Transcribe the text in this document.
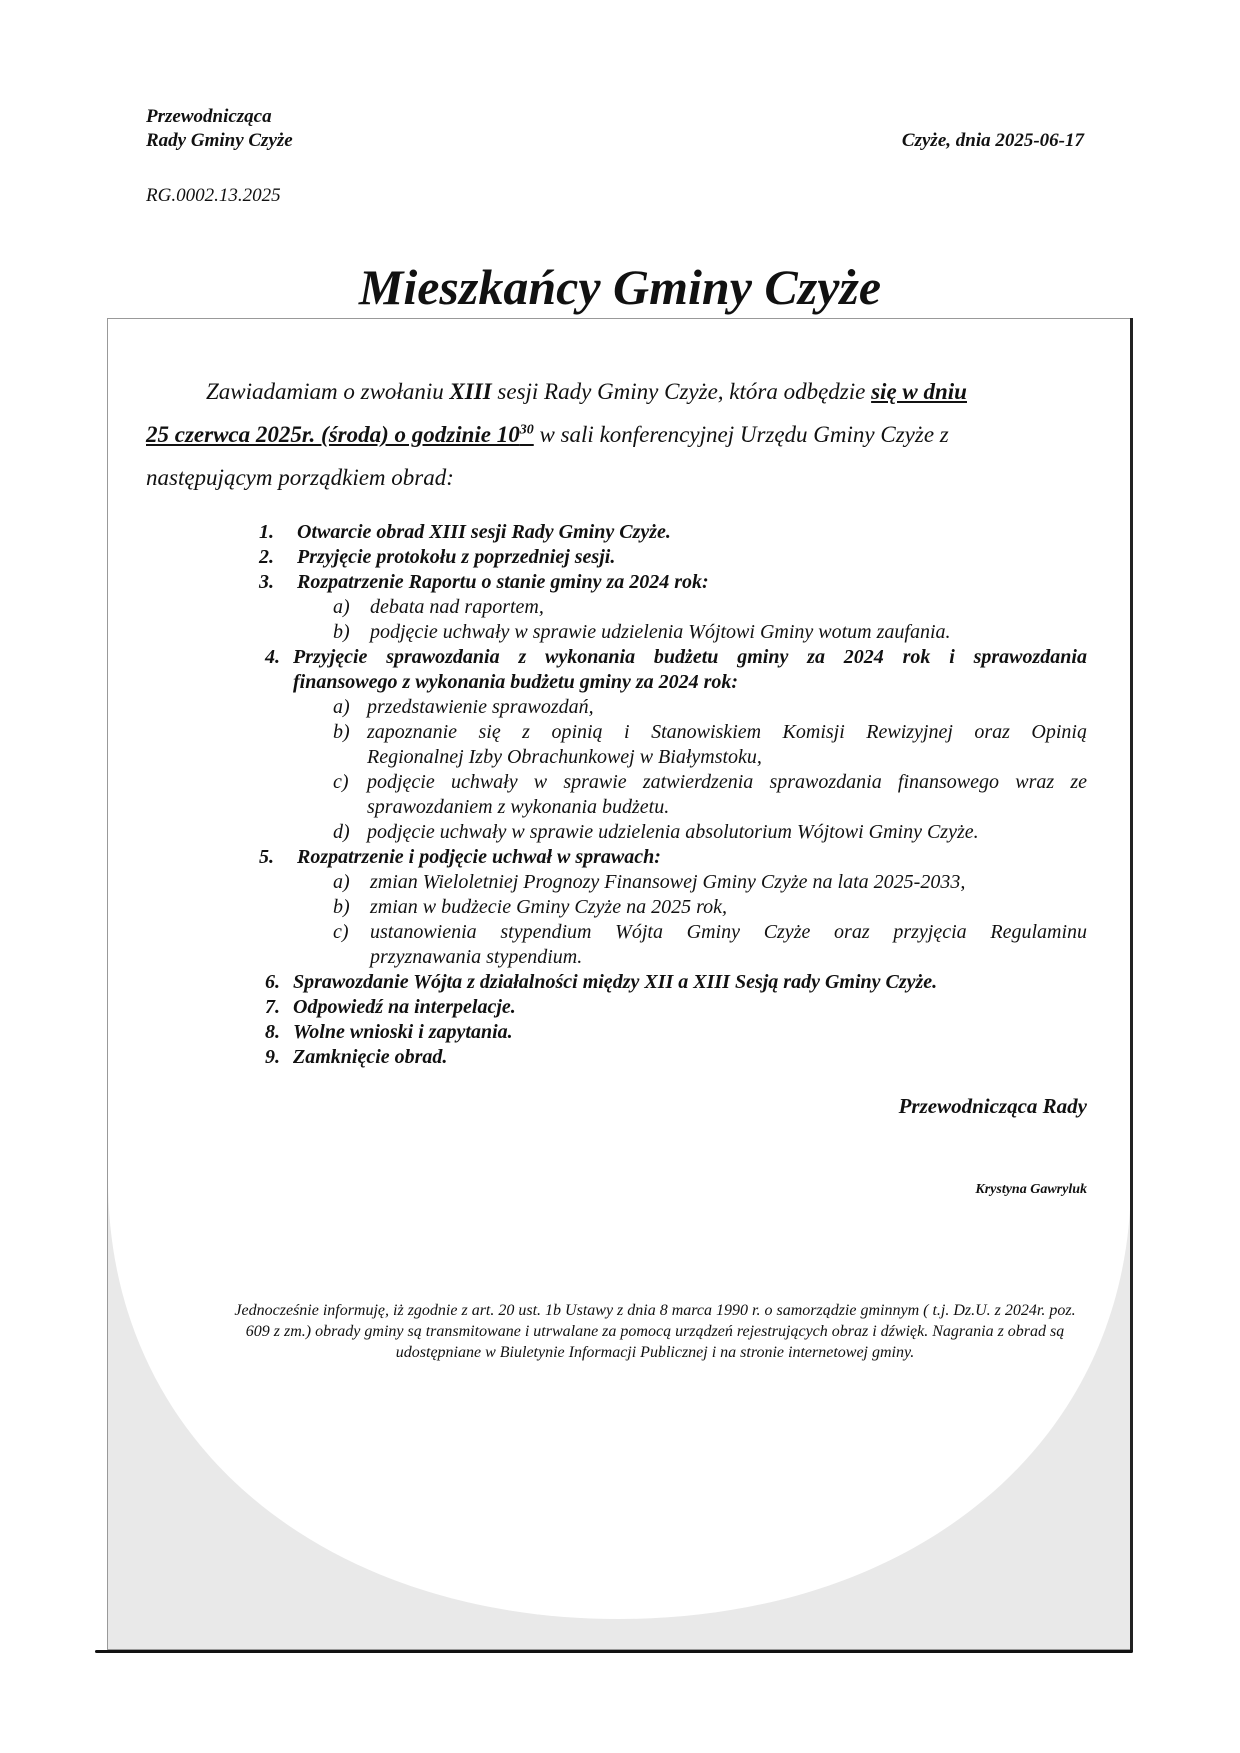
Przewodnicząca
Rady Gminy Czyże	Czyże, dnia 2025-06-17
RG.0002.13.2025
Mieszkańcy Gminy Czyże
Zawiadamiam o zwołaniu XIII sesji Rady Gminy Czyże, która odbędzie się w dniu
25 czerwca 2025r. (środa) o godzinie $10^{30}$ w sali konferencyjnej Urzędu Gminy Czyże z
następującym porządkiem obrad:
1. Otwarcie obrad XIII sesji Rady Gminy Czyże.
2. Przyjęcie protokołu z poprzedniej sesji.
3. Rozpatrzenie Raportu o stanie gminy za 2024 rok:
a) debata nad raportem,
b) podjęcie uchwały w sprawie udzielenia Wójtowi Gminy wotum zaufania.
4. Przyjęcie sprawozdania z wykonania budżetu gminy za 2024 rok i sprawozdania
finansowego z wykonania budżetu gminy za 2024 rok:
a) przedstawienie sprawozdań,
b) zapoznanie się z opinią i Stanowiskiem Komisji Rewizyjnej oraz Opinią
Regionalnej Izby Obrachunkowej w Białymstoku,
c) podjęcie uchwały w sprawie zatwierdzenia sprawozdania finansowego wraz ze
sprawozdaniem z wykonania budżetu.
d) podjęcie uchwały w sprawie udzielenia absolutorium Wójtowi Gminy Czyże.
5. Rozpatrzenie i podjęcie uchwał w sprawach:
a) zmian Wieloletniej Prognozy Finansowej Gminy Czyże na lata 2025-2033,
b) zmian w budżecie Gminy Czyże na 2025 rok,
c) ustanowienia stypendium Wójta Gminy Czyże oraz przyjęcia Regulaminu
przyznawania stypendium.
6. Sprawozdanie Wójta z działalności między XII a XIII Sesją rady Gminy Czyże.
7. Odpowiedź na interpelacje.
8. Wolne wnioski i zapytania.
9. Zamknięcie obrad.
Przewodnicząca Rady
Krystyna Gawryluk
Jednocześnie informuję, iż zgodnie z art. 20 ust. 1b Ustawy z dnia 8 marca 1990 r. o samorządzie gminnym ( t.j. Dz.U. z 2024r. poz. 609 z zm.) obrady gminy są transmitowane i utrwalane za pomocą urządzeń rejestrujących obraz i dźwięk. Nagrania z obrad są udostępniane w Biuletynie Informacji Publicznej i na stronie internetowej gminy.
